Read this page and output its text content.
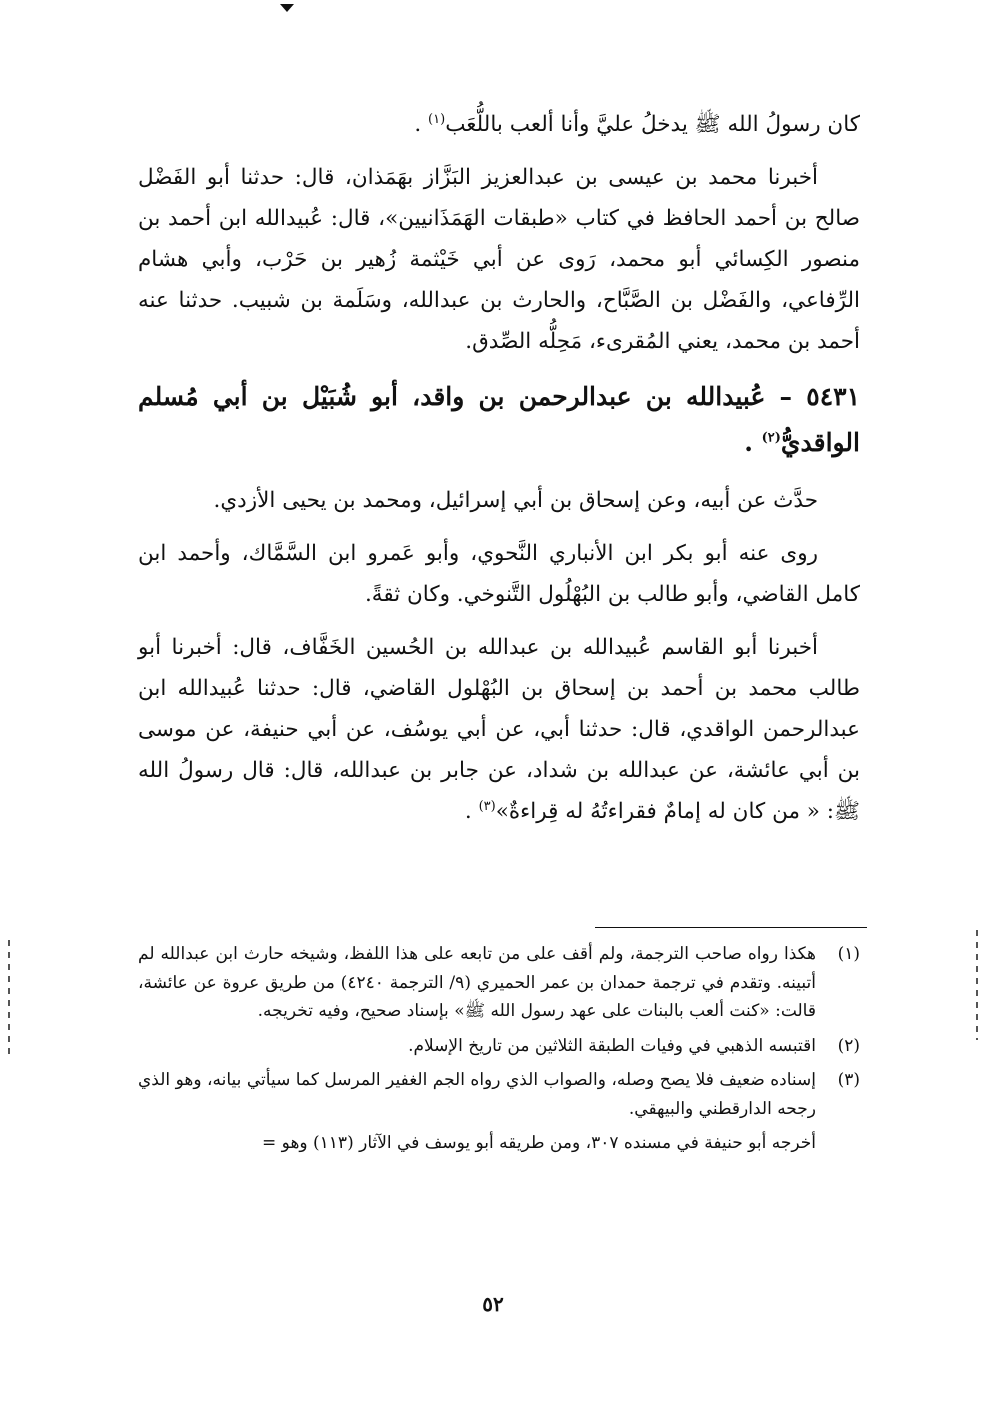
كان رسولُ الله ﷺ يدخلُ عليَّ وأنا ألعب باللُّعَب$^{(١)}$ .

أخبرنا محمد بن عيسى بن عبدالعزيز البَزَّاز بهَمَذان، قال: حدثنا أبو الفَضْل صالح بن أحمد الحافظ في كتاب «طبقات الهَمَذَانيين»، قال: عُبيدالله ابن أحمد بن منصور الكِسائي أبو محمد، رَوى عن أبي خَيْثمة زُهير بن حَرْب، وأبي هشام الرِّفاعي، والفَضْل بن الصَّبَّاح، والحارث بن عبدالله، وسَلَمة بن شبيب. حدثنا عنه أحمد بن محمد، يعني المُقرىء، مَحِلُّه الصِّدق.

٥٤٣١ – عُبيدالله بن عبدالرحمن بن واقد، أبو شُبَيْل بن أبي مُسلم الواقديُّ$^{(٢)}$ .

حدَّث عن أبيه، وعن إسحاق بن أبي إسرائيل، ومحمد بن يحيى الأزدي.

روى عنه أبو بكر ابن الأنباري النَّحوي، وأبو عَمرو ابن السَّمَّاك، وأحمد ابن كامل القاضي، وأبو طالب بن البُهْلُول التَّنوخي. وكان ثقةً.

أخبرنا أبو القاسم عُبيدالله بن عبدالله بن الحُسين الخَفَّاف، قال: أخبرنا أبو طالب محمد بن أحمد بن إسحاق بن البُهْلول القاضي، قال: حدثنا عُبيدالله ابن عبدالرحمن الواقدي، قال: حدثنا أبي، عن أبي يوسُف، عن أبي حنيفة، عن موسى بن أبي عائشة، عن عبدالله بن شداد، عن جابر بن عبدالله، قال: قال رسولُ الله ﷺ: « من كان له إمامٌ فقراءتُهُ له قِراءةٌ»$^{(٣)}$ .

(١)
هكذا رواه صاحب الترجمة، ولم أقف على من تابعه على هذا اللفظ، وشيخه حارث ابن عبدالله لم أتبينه. وتقدم في ترجمة حمدان بن عمر الحميري (٩/ الترجمة ٤٢٤٠) من طريق عروة عن عائشة، قالت: «كنت ألعب بالبنات على عهد رسول الله ﷺ» بإسناد صحيح، وفيه تخريجه.
(٢)
اقتبسه الذهبي في وفيات الطبقة الثلاثين من تاريخ الإسلام.
(٣)
إسناده ضعيف فلا يصح وصله، والصواب الذي رواه الجم الغفير المرسل كما سيأتي بيانه، وهو الذي رجحه الدارقطني والبيهقي.

أخرجه أبو حنيفة في مسنده ٣٠٧، ومن طريقه أبو يوسف في الآثار (١١٣) وهو =

٥٢
